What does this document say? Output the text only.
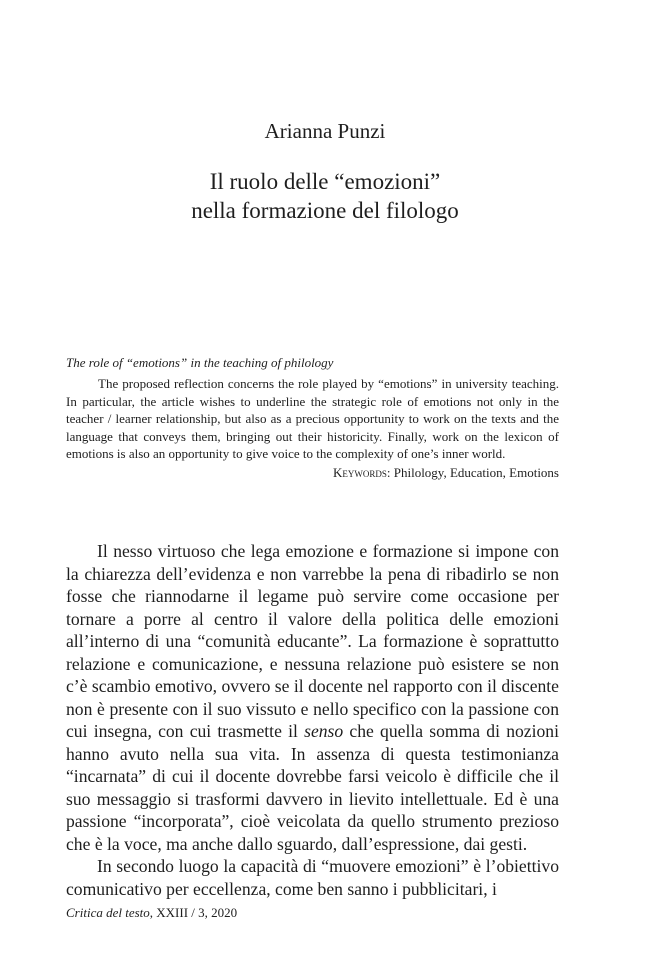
Arianna Punzi
Il ruolo delle “emozioni”
nella formazione del filologo
The role of “emotions” in the teaching of philology

The proposed reflection concerns the role played by “emotions” in university teaching. In particular, the article wishes to underline the strategic role of emotions not only in the teacher / learner relationship, but also as a precious opportunity to work on the texts and the language that conveys them, bringing out their historicity. Finally, work on the lexicon of emotions is also an opportunity to give voice to the complexity of one’s inner world.

Keywords: Philology, Education, Emotions

Il nesso virtuoso che lega emozione e formazione si impone con la chiarezza dell’evidenza e non varrebbe la pena di ribadirlo se non fosse che riannodarne il legame può servire come occasione per tornare a porre al centro il valore della politica delle emozioni all’interno di una “comunità educante”. La formazione è soprattutto relazione e comunicazione, e nessuna relazione può esistere se non c’è scambio emotivo, ovvero se il docente nel rapporto con il discente non è presente con il suo vissuto e nello specifico con la passione con cui insegna, con cui trasmette il senso che quella somma di nozioni hanno avuto nella sua vita. In assenza di questa testimonianza “incarnata” di cui il docente dovrebbe farsi veicolo è difficile che il suo messaggio si trasformi davvero in lievito intellettuale. Ed è una passione “incorporata”, cioè veicolata da quello strumento prezioso che è la voce, ma anche dallo sguardo, dall’espressione, dai gesti.

In secondo luogo la capacità di “muovere emozioni” è l’obiettivo comunicativo per eccellenza, come ben sanno i pubblicitari, i

Critica del testo, XXIII / 3, 2020
